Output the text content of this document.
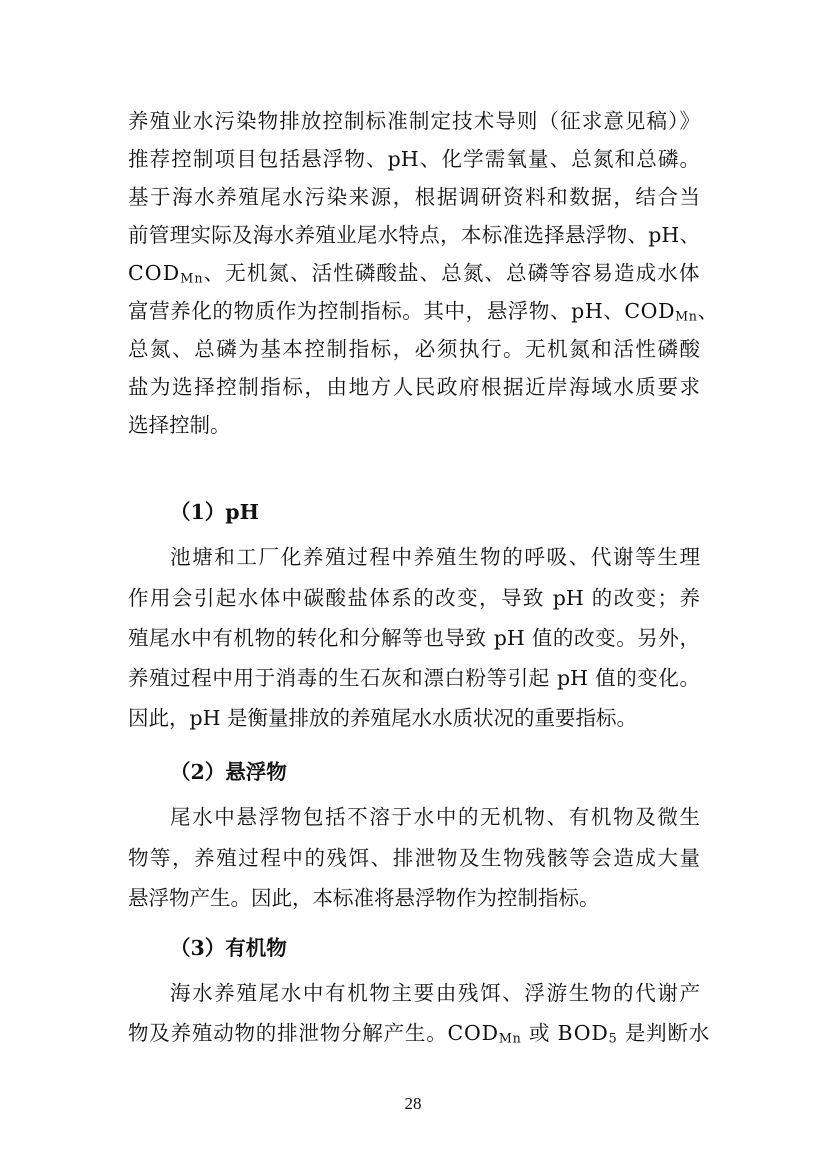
养殖业水污染物排放控制标准制定技术导则（征求意见稿）》
推荐控制项目包括悬浮物、pH、化学需氧量、总氮和总磷。
基于海水养殖尾水污染来源，根据调研资料和数据，结合当
前管理实际及海水养殖业尾水特点，本标准选择悬浮物、pH、
$COD_{Mn}$、无机氮、活性磷酸盐、总氮、总磷等容易造成水体
富营养化的物质作为控制指标。其中，悬浮物、pH、$COD_{Mn}$、
总氮、总磷为基本控制指标，必须执行。无机氮和活性磷酸
盐为选择控制指标，由地方人民政府根据近岸海域水质要求
选择控制。
（1）pH
池塘和工厂化养殖过程中养殖生物的呼吸、代谢等生理
作用会引起水体中碳酸盐体系的改变，导致 pH 的改变；养
殖尾水中有机物的转化和分解等也导致 pH 值的改变。另外，
养殖过程中用于消毒的生石灰和漂白粉等引起 pH 值的变化。
因此，pH 是衡量排放的养殖尾水水质状况的重要指标。
（2）悬浮物
尾水中悬浮物包括不溶于水中的无机物、有机物及微生
物等，养殖过程中的残饵、排泄物及生物残骸等会造成大量
悬浮物产生。因此，本标准将悬浮物作为控制指标。
（3）有机物
海水养殖尾水中有机物主要由残饵、浮游生物的代谢产
物及养殖动物的排泄物分解产生。$COD_{Mn}$ 或 $BOD_5$ 是判断水
28
